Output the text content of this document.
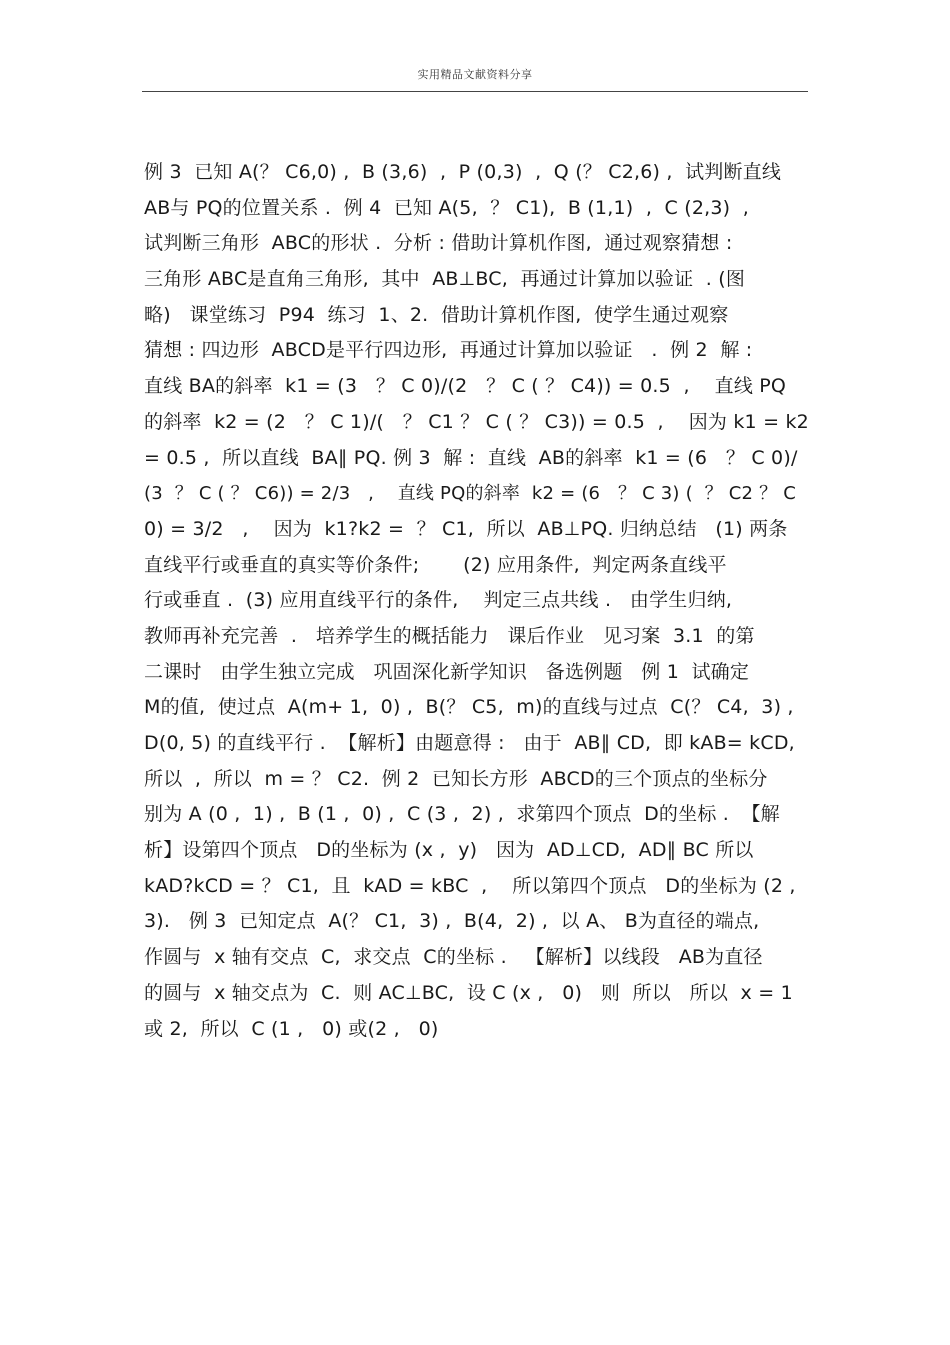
实用精品文献资料分享
例 3  已知 A(？ C6,0) ,  B (3,6)  ,  P (0,3)  ,  Q (？ C2,6) ,  试判断直线
AB与 PQ的位置关系 .  例 4  已知 A(5,  ？ C1),  B (1,1)  ,  C (2,3)  ,
试判断三角形  ABC的形状 .  分析 : 借助计算机作图,  通过观察猜想 :
三角形 ABC是直角三角形,  其中  AB⊥BC,  再通过计算加以验证  . (图
略)   课堂练习  P94  练习  1、2.  借助计算机作图,  使学生通过观察
猜想 : 四边形  ABCD是平行四边形,  再通过计算加以验证   .  例 2  解 :
直线 BA的斜率  k1 = (3   ？ C 0)/(2   ？ C ( ？ C4)) = 0.5  ,    直线 PQ
的斜率  k2 = (2   ？ C 1)/(   ？ C1 ？ C ( ？ C3)) = 0.5  ,    因为 k1 = k2
= 0.5 ,  所以直线  BA∥ PQ. 例 3  解 :  直线  AB的斜率  k1 = (6   ？ C 0)/
(3  ？ C ( ？ C6)) = 2/3   ,    直线 PQ的斜率  k2 = (6   ？ C 3) (  ？ C2 ？ C
0) = 3/2   ,    因为  k1?k2 =  ？ C1,  所以  AB⊥PQ. 归纳总结   (1) 两条
直线平行或垂直的真实等价条件;       (2) 应用条件,  判定两条直线平
行或垂直 .  (3) 应用直线平行的条件,    判定三点共线 .   由学生归纳,
教师再补充完善  .   培养学生的概括能力   课后作业   见习案  3.1  的第
二课时   由学生独立完成   巩固深化新学知识   备选例题   例 1  试确定
M的值,  使过点  A(m+ 1,  0) ,  B(？ C5,  m)的直线与过点  C(？ C4,  3) ,
D(0, 5) 的直线平行 .  【解析】由题意得 :   由于  AB∥ CD,  即 kAB= kCD,
所以  ,  所以  m = ？ C2.  例 2  已知长方形  ABCD的三个顶点的坐标分
别为 A (0 ,  1) ,  B (1 ,  0) ,  C (3 ,  2) ,  求第四个顶点  D的坐标 .  【解
析】设第四个顶点   D的坐标为 (x ,  y)   因为  AD⊥CD,  AD∥ BC 所以
kAD?kCD = ？ C1,  且  kAD = kBC  ,    所以第四个顶点   D的坐标为 (2 ,
3).   例 3  已知定点  A(？ C1,  3) ,  B(4,  2) ,  以 A、 B为直径的端点,
作圆与  x 轴有交点  C,  求交点  C的坐标 .   【解析】以线段   AB为直径
的圆与  x 轴交点为  C.  则 AC⊥BC,  设 C (x ,   0)   则  所以   所以  x = 1
或 2,  所以  C (1 ,   0) 或(2 ,   0)
